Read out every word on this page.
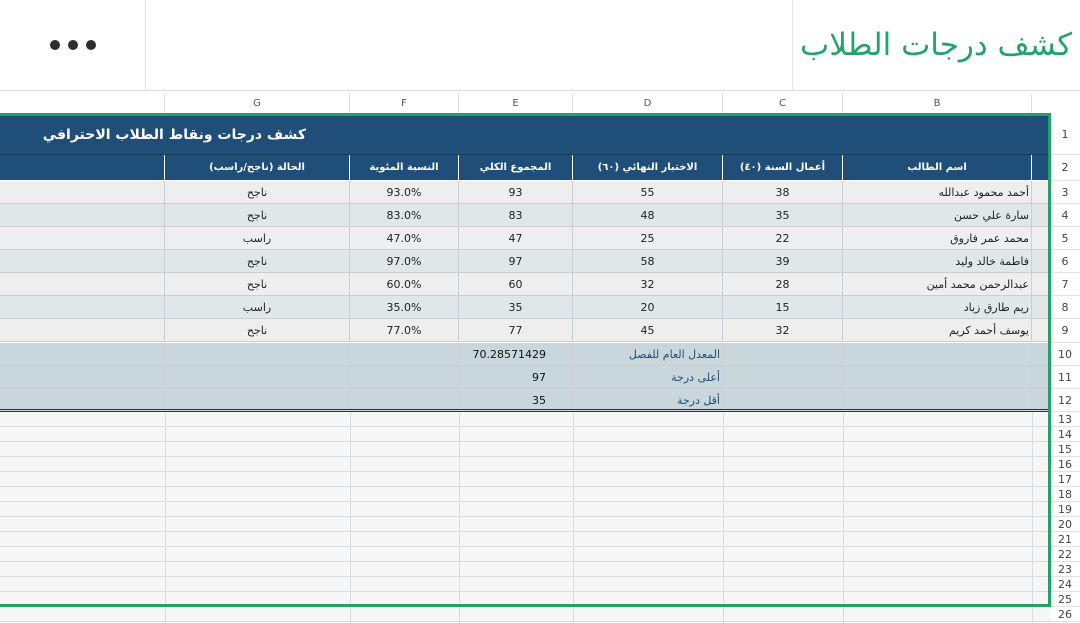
كشف درجات الطلاب
G	F	E	D	C	B
كشف درجات ونقاط الطلاب الاحترافي
الحالة (ناجح/راسب)	النسبة المئوية	المجموع الكلي	الاختبار النهائي (٦٠)	أعمال السنة (٤٠)	اسم الطالب
ناجح	93.0%	93	55	38	أحمد محمود عبدالله
ناجح	83.0%	83	48	35	سارة علي حسن
راسب	47.0%	47	25	22	محمد عمر فاروق
ناجح	97.0%	97	58	39	فاطمة خالد وليد
ناجح	60.0%	60	32	28	عبدالرحمن محمد أمين
راسب	35.0%	35	20	15	ريم طارق زياد
ناجح	77.0%	77	45	32	يوسف أحمد كريم
70.28571429	المعدل العام للفصل
97	أعلى درجة
35	أقل درجة
1
2
3
4
5
6
7
8
9
10
11
12
13
14
15
16
17
18
19
20
21
22
23
24
25
26
